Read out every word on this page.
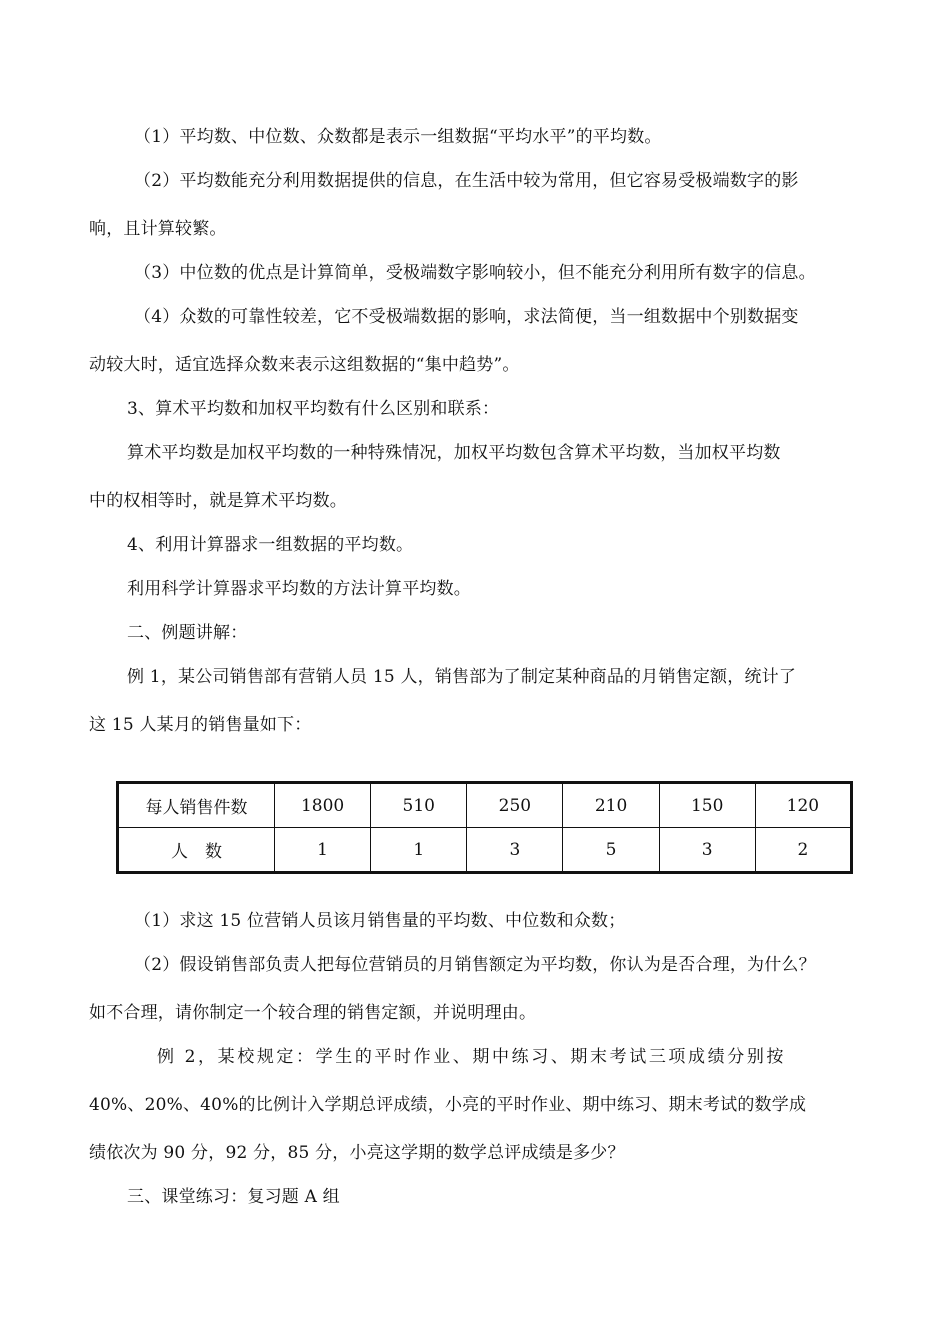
（1）平均数、中位数、众数都是表示一组数据“平均水平”的平均数。
（2）平均数能充分利用数据提供的信息，在生活中较为常用，但它容易受极端数字的影
响，且计算较繁。
（3）中位数的优点是计算简单，受极端数字影响较小，但不能充分利用所有数字的信息。
（4）众数的可靠性较差，它不受极端数据的影响，求法简便，当一组数据中个别数据变
动较大时，适宜选择众数来表示这组数据的“集中趋势”。
3、算术平均数和加权平均数有什么区别和联系：
算术平均数是加权平均数的一种特殊情况，加权平均数包含算术平均数，当加权平均数
中的权相等时，就是算术平均数。
4、利用计算器求一组数据的平均数。
利用科学计算器求平均数的方法计算平均数。
二、例题讲解：
例 1，某公司销售部有营销人员 15 人，销售部为了制定某种商品的月销售定额，统计了
这 15 人某月的销售量如下：
每人销售件数	1800	510	250	210	150	120
人　数	1	1	3	5	3	2
（1）求这 15 位营销人员该月销售量的平均数、中位数和众数；
（2）假设销售部负责人把每位营销员的月销售额定为平均数，你认为是否合理，为什么？
如不合理，请你制定一个较合理的销售定额，并说明理由。
例 2，某校规定：学生的平时作业、期中练习、期末考试三项成绩分别按
40%、20%、40%的比例计入学期总评成绩，小亮的平时作业、期中练习、期末考试的数学成
绩依次为 90 分，92 分，85 分，小亮这学期的数学总评成绩是多少？
三、课堂练习：复习题 A 组
